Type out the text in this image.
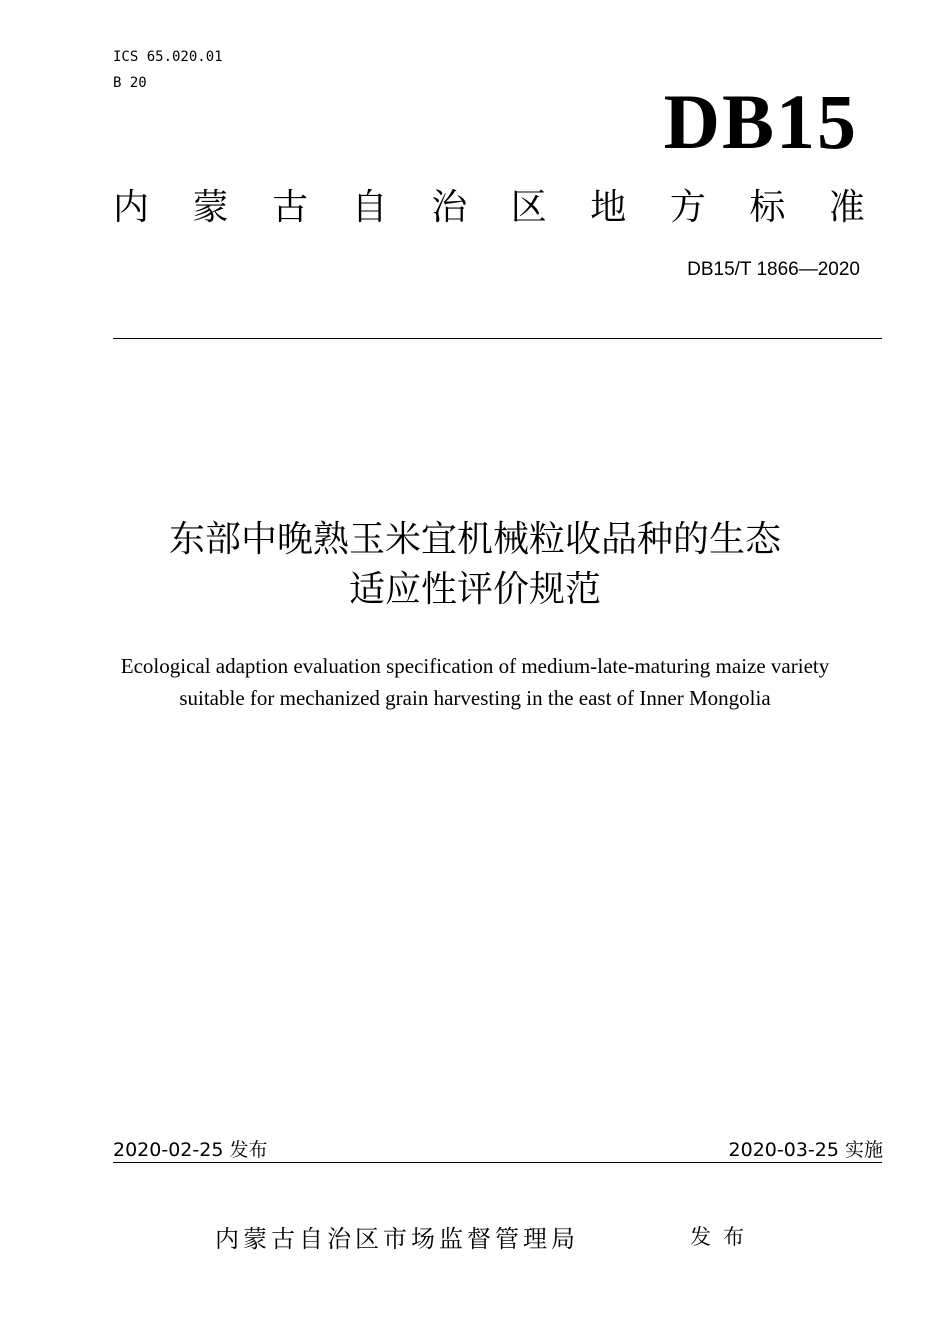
ICS 65.020.01
B 20	DB15
内 蒙 古 自 治 区 地 方 标 准
DB15/T 1866—2020
东部中晚熟玉米宜机械粒收品种的生态
适应性评价规范
Ecological adaption evaluation specification of medium-late-maturing maize variety
suitable for mechanized grain harvesting in the east of Inner Mongolia
2020-02-25 发布	2020-03-25 实施
内蒙古自治区市场监督管理局	发布
